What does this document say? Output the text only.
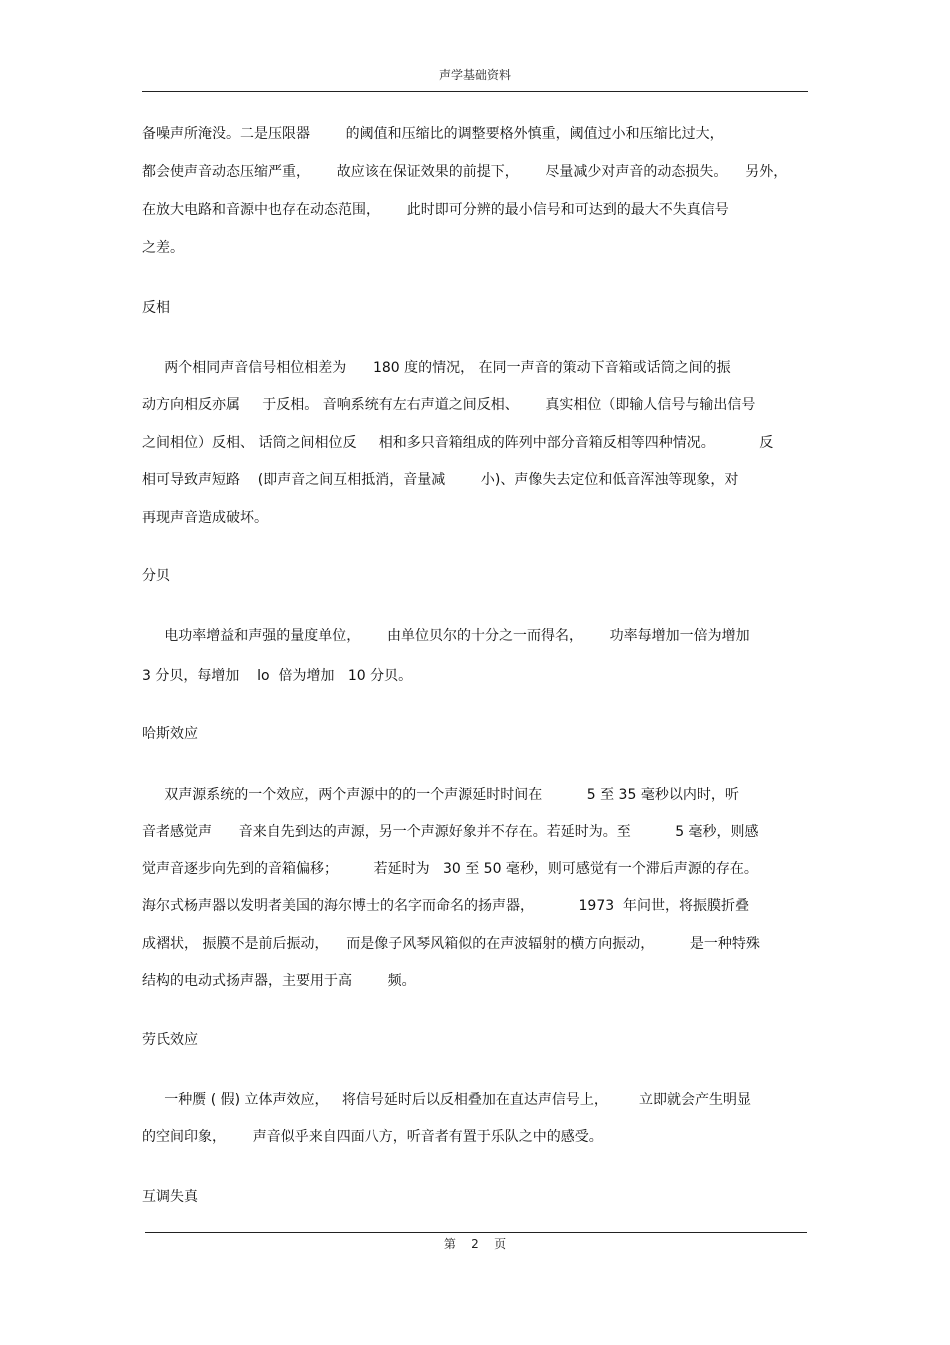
声学基础资料
备噪声所淹没。二是压限器        的阈值和压缩比的调整要格外慎重，阈值过小和压缩比过大，
都会使声音动态压缩严重，      故应该在保证效果的前提下，      尽量减少对声音的动态损失。    另外，
在放大电路和音源中也存在动态范围，      此时即可分辨的最小信号和可达到的最大不失真信号
之差。
反相
两个相同声音信号相位相差为      180 度的情况， 在同一声音的策动下音箱或话筒之间的振
动方向相反亦属     于反相。 音响系统有左右声道之间反相、      真实相位（即输人信号与输出信号
之间相位）反相、 话筒之间相位反     相和多只音箱组成的阵列中部分音箱反相等四种情况。          反
相可导致声短路    (即声音之间互相抵消，音量减        小)、声像失去定位和低音浑浊等现象，对
再现声音造成破坏。
分贝
电功率增益和声强的量度单位，      由单位贝尔的十分之一而得名，      功率每增加一倍为增加
3 分贝，每增加    lo  倍为增加   10 分贝。
哈斯效应
双声源系统的一个效应，两个声源中的的一个声源延时时间在          5 至 35 毫秒以内时，听
音者感觉声      音来自先到达的声源，另一个声源好象并不存在。若延时为。至          5 毫秒，则感
觉声音逐步向先到的音箱偏移；        若延时为   30 至 50 毫秒，则可感觉有一个滞后声源的存在。
海尔式杨声器以发明者美国的海尔博士的名字而命名的扬声器，          1973  年问世，将振膜折叠
成褶状， 振膜不是前后振动，    而是像子风琴风箱似的在声波辐射的横方向振动，        是一种特殊
结构的电动式扬声器，主要用于高        频。
劳氏效应
一种赝 ( 假) 立体声效应，   将信号延时后以反相叠加在直达声信号上，       立即就会产生明显
的空间印象，      声音似乎来自四面八方，听音者有置于乐队之中的感受。
互调失真
第    2    页
